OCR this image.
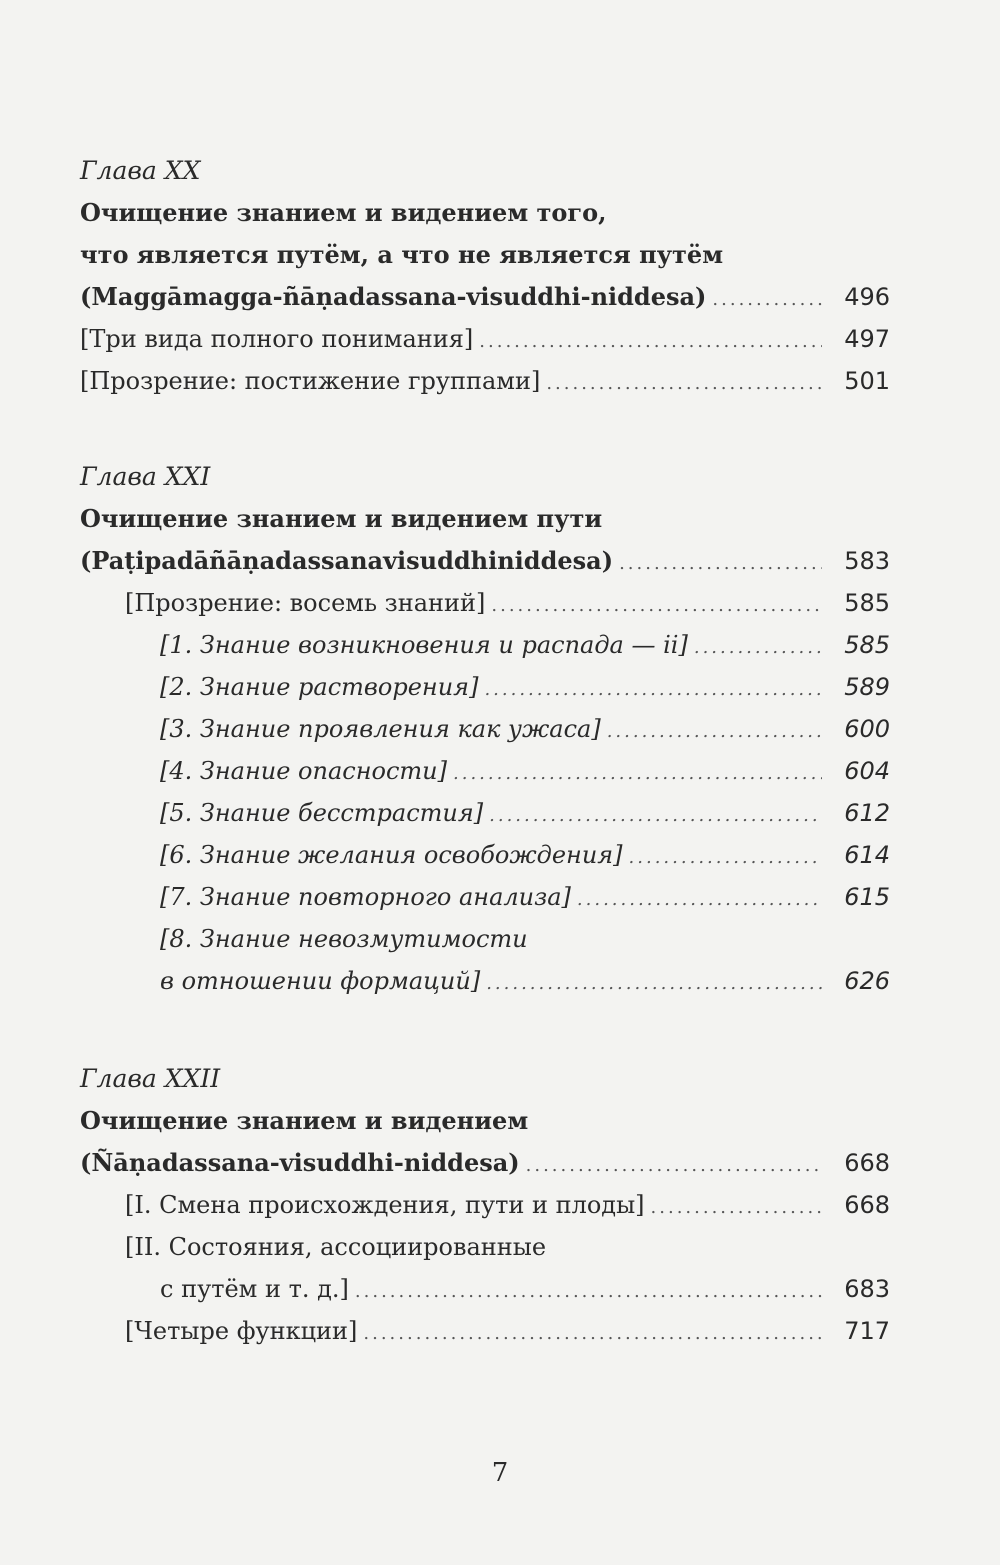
Глава XX
Очищение знанием и видением того,
что является путём, а что не является путём
(Maggāmagga-ñāṇadassana-visuddhi-niddesa) .....	496
[Три вида полного понимания] .....	497
[Прозрение: постижение группами] .....	501
Глава XXI
Очищение знанием и видением пути
(Paṭipadāñāṇadassanavisuddhiniddesa) .....	583
[Прозрение: восемь знаний] .....	585
[1. Знание возникновения и распада — ii] .....	585
[2. Знание растворения] .....	589
[3. Знание проявления как ужаса] .....	600
[4. Знание опасности] .....	604
[5. Знание бесстрастия] .....	612
[6. Знание желания освобождения] .....	614
[7. Знание повторного анализа] .....	615
[8. Знание невозмутимости
в отношении формаций] .....	626
Глава XXII
Очищение знанием и видением
(Ñāṇadassana-visuddhi-niddesa) .....	668
[I. Смена происхождения, пути и плоды] .....	668
[II. Состояния, ассоциированные
с путём и т. д.] .....	683
[Четыре функции] .....	717
7
